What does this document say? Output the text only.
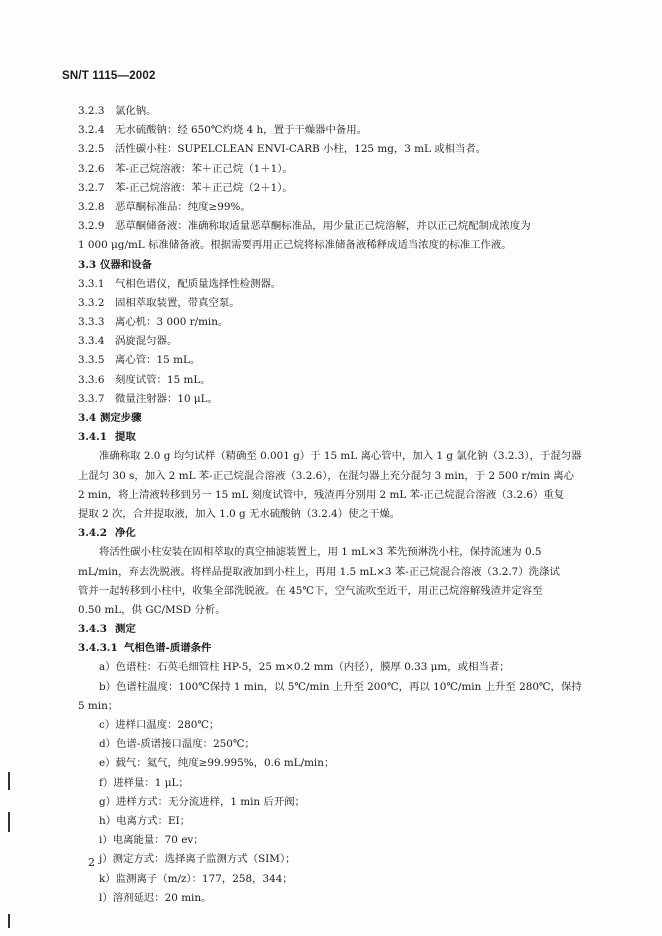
SN/T 1115—2002
3.2.3 氯化钠。
3.2.4 无水硫酸钠：经 650℃灼烧 4 h，置于干燥器中备用。
3.2.5 活性碳小柱：SUPELCLEAN ENVI-CARB 小柱，125 mg，3 mL 或相当者。
3.2.6 苯-正己烷溶液：苯＋正己烷（1＋1）。
3.2.7 苯-正己烷溶液：苯＋正己烷（2＋1）。
3.2.8 恶草酮标准品：纯度≥99%。
3.2.9 恶草酮储备液：准确称取适量恶草酮标准品，用少量正己烷溶解，并以正己烷配制成浓度为
1 000 μg/mL 标准储备液。根据需要再用正己烷将标准储备液稀释成适当浓度的标准工作液。
3.3 仪器和设备
3.3.1 气相色谱仪，配质量选择性检测器。
3.3.2 固相萃取装置，带真空泵。
3.3.3 离心机：3 000 r/min。
3.3.4 涡旋混匀器。
3.3.5 离心管：15 mL。
3.3.6 刻度试管：15 mL。
3.3.7 微量注射器：10 μL。
3.4 测定步骤
3.4.1 提取
准确称取 2.0 g 均匀试样（精确至 0.001 g）于 15 mL 离心管中，加入 1 g 氯化钠（3.2.3），于混匀器
上混匀 30 s，加入 2 mL 苯-正己烷混合溶液（3.2.6），在混匀器上充分混匀 3 min，于 2 500 r/min 离心
2 min，将上清液转移到另一 15 mL 刻度试管中，残渣再分别用 2 mL 苯-正己烷混合溶液（3.2.6）重复
提取 2 次，合并提取液，加入 1.0 g 无水硫酸钠（3.2.4）使之干燥。
3.4.2 净化
将活性碳小柱安装在固相萃取的真空抽滤装置上，用 1 mL×3 苯先预淋洗小柱，保持流速为 0.5
mL/min，弃去洗脱液。将样品提取液加到小柱上，再用 1.5 mL×3 苯-正己烷混合溶液（3.2.7）洗涤试
管并一起转移到小柱中，收集全部洗脱液。在 45℃下，空气流吹至近干，用正己烷溶解残渣并定容至
0.50 mL，供 GC/MSD 分析。
3.4.3 测定
3.4.3.1 气相色谱-质谱条件
a）色谱柱：石英毛细管柱 HP-5，25 m×0.2 mm（内径），膜厚 0.33 μm，或相当者；
b）色谱柱温度：100℃保持 1 min，以 5℃/min 上升至 200℃，再以 10℃/min 上升至 280℃，保持
5 min；
c）进样口温度：280℃；
d）色谱-质谱接口温度：250℃；
e）载气：氦气，纯度≥99.995%，0.6 mL/min；
f）进样量：1 μL；
g）进样方式：无分流进样，1 min 后开阀；
h）电离方式：EI；
i）电离能量：70 ev；
j）测定方式：选择离子监测方式（SIM）；
k）监测离子（m/z）：177，258，344；
l）溶剂延迟：20 min。
2
